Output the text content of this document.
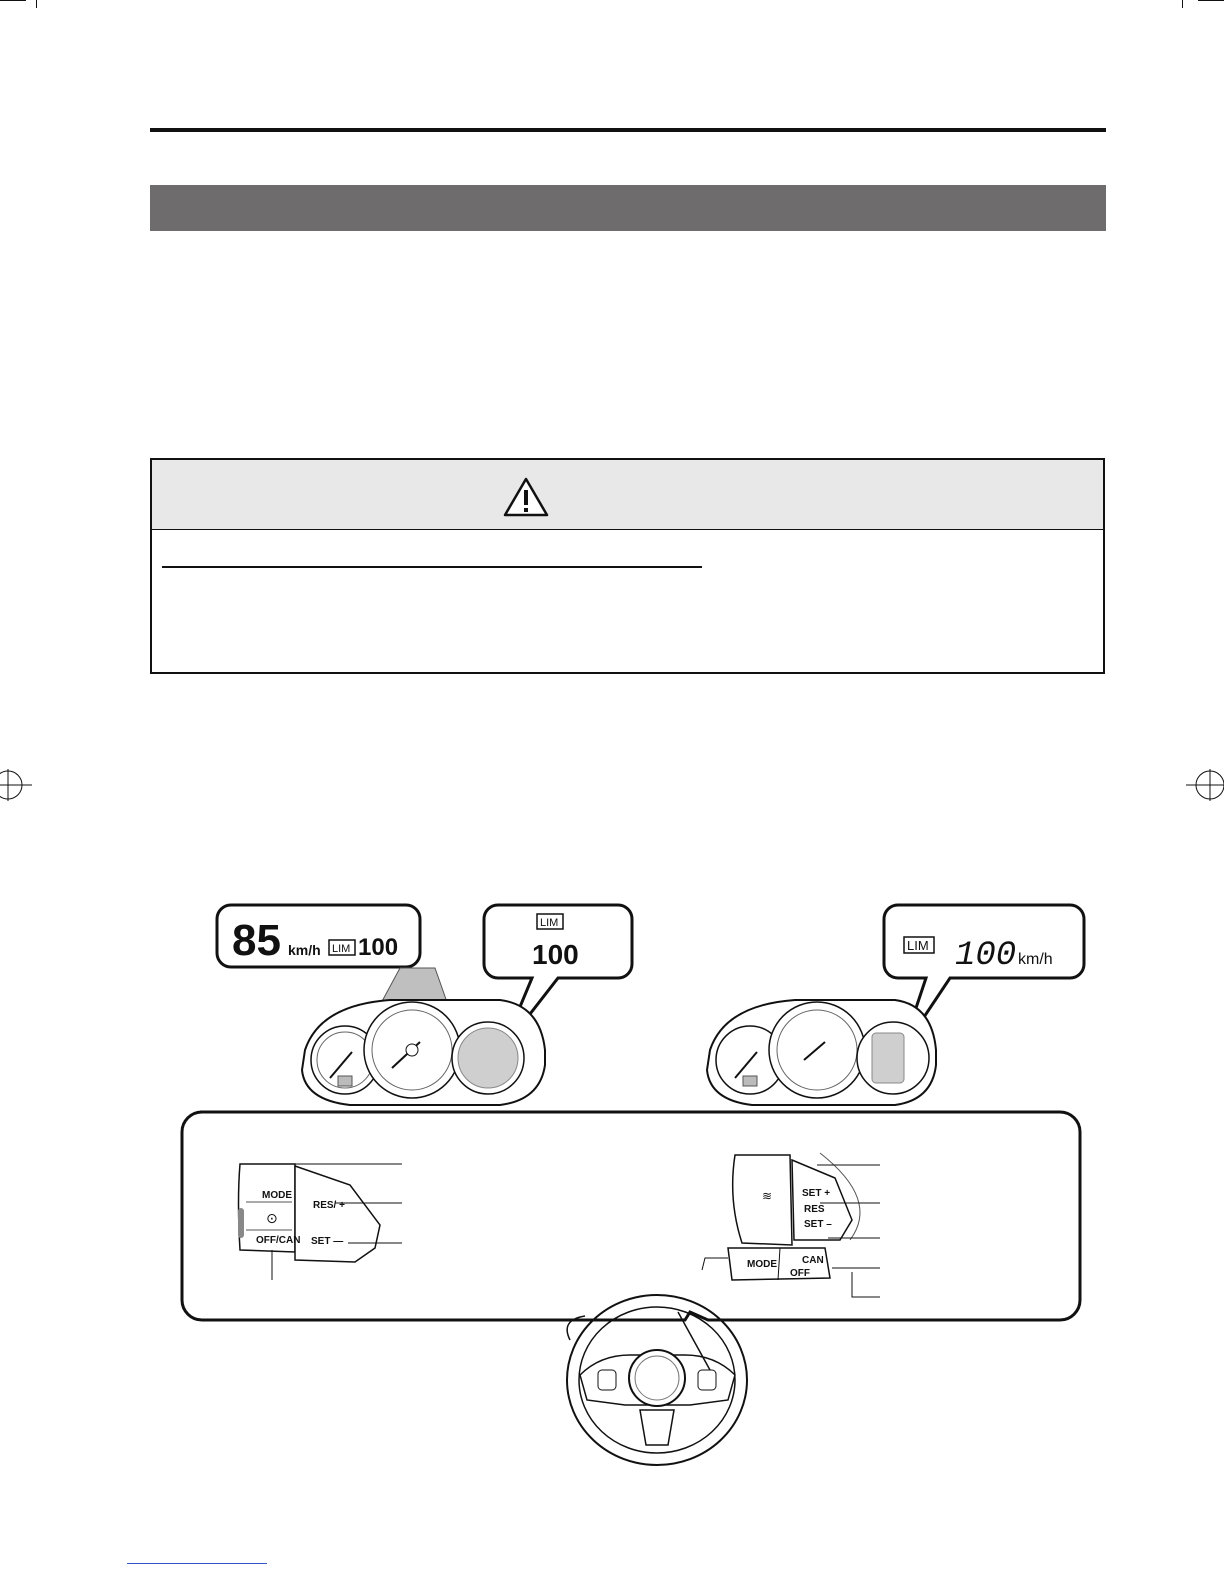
85 km/h LIM 100
LIM
100	LIM 100 km/h
MODE
⊙
OFF/CAN
RES/ +
SET —
SET +
RES
SET –
≋
MODE	CAN
OFF
